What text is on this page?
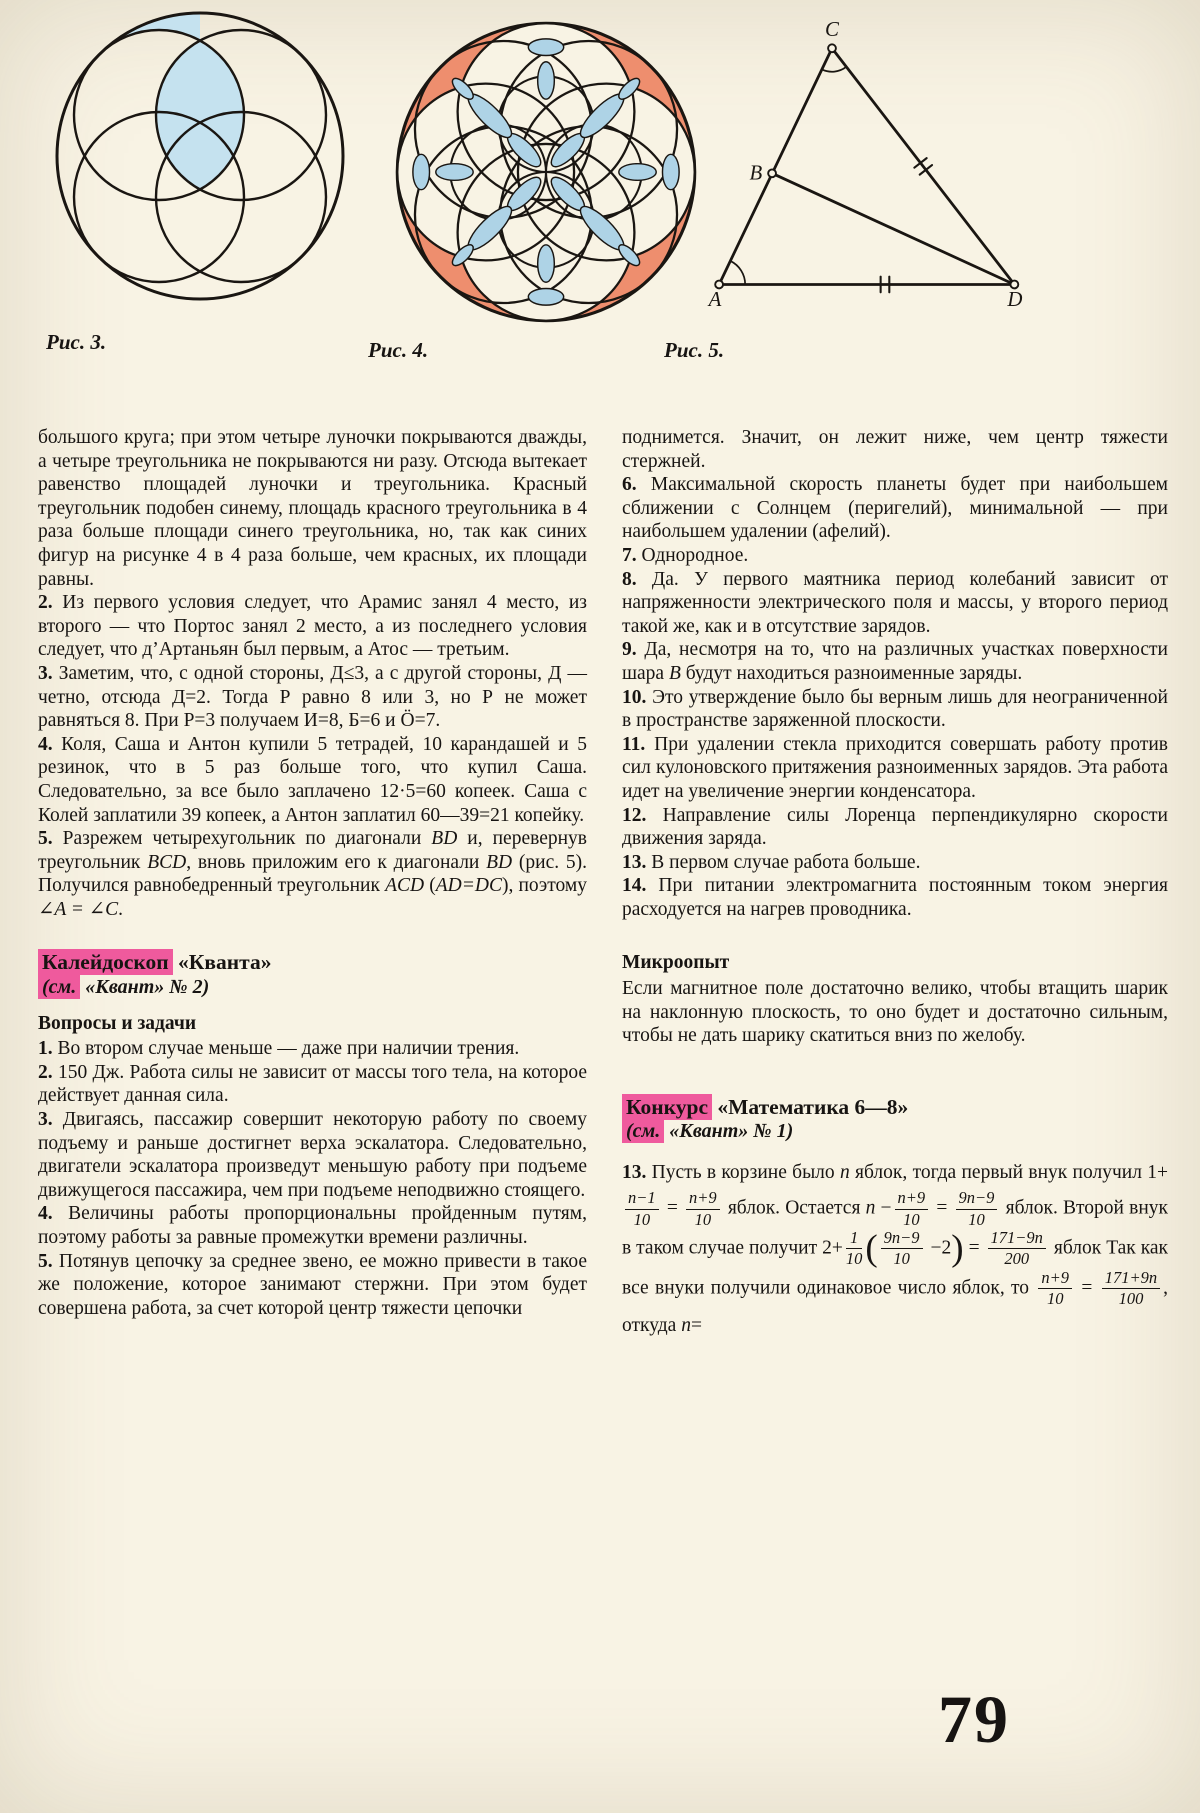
C
B
A	D
Рис. 3.	Рис. 4.	Рис. 5.

большого круга; при этом четыре луночки покрываются дважды, а четыре треугольника не покрываются ни разу. Отсюда вытекает равенство площадей луночки и треугольника. Красный треугольник подобен синему, площадь красного треугольника в 4 раза больше площади синего треугольника, но, так как синих фигур на рисунке 4 в 4 раза больше, чем красных, их площади равны.

2. Из первого условия следует, что Арамис занял 4 место, из второго — что Портос занял 2 место, а из последнего условия следует, что д’Артаньян был первым, а Атос — третьим.

3. Заметим, что, с одной стороны, Д≤3, а с другой стороны, Д — четно, отсюда Д=2. Тогда Р равно 8 или 3, но Р не может равняться 8. При Р=3 получаем И=8, Б=6 и Ö=7.

4. Коля, Саша и Антон купили 5 тетрадей, 10 карандашей и 5 резинок, что в 5 раз больше того, что купил Саша. Следовательно, за все было заплачено 12·5=60 копеек. Саша с Колей заплатили 39 копеек, а Антон заплатил 60—39=21 копейку.

5. Разрежем четырехугольник по диагонали BD и, перевернув треугольник BCD, вновь приложим его к диагонали BD (рис. 5). Получился равнобедренный треугольник ACD (AD=DC), поэтому ∠A = ∠C.

Калейдоскоп «Кванта»
(см. «Квант» № 2)
Вопросы и задачи

1. Во втором случае меньше — даже при наличии трения.

2. 150 Дж. Работа силы не зависит от массы того тела, на которое действует данная сила.

3. Двигаясь, пассажир совершит некоторую работу по своему подъему и раньше достигнет верха эскалатора. Следовательно, двигатели эскалатора произведут меньшую работу при подъеме движущегося пассажира, чем при подъеме неподвижно стоящего.

4. Величины работы пропорциональны пройденным путям, поэтому работы за равные промежутки времени различны.

5. Потянув цепочку за среднее звено, ее можно привести в такое же положение, которое занимают стержни. При этом будет совершена работа, за счет которой центр тяжести цепочки

поднимется. Значит, он лежит ниже, чем центр тяжести стержней.

6. Максимальной скорость планеты будет при наибольшем сближении с Солнцем (перигелий), минимальной — при наибольшем удалении (афелий).

7. Однородное.

8. Да. У первого маятника период колебаний зависит от напряженности электрического поля и массы, у второго период такой же, как и в отсутствие зарядов.

9. Да, несмотря на то, что на различных участках поверхности шара B будут находиться разноименные заряды.

10. Это утверждение было бы верным лишь для неограниченной в пространстве заряженной плоскости.

11. При удалении стекла приходится совершать работу против сил кулоновского притяжения разноименных зарядов. Эта работа идет на увеличение энергии конденсатора.

12. Направление силы Лоренца перпендикулярно скорости движения заряда.

13. В первом случае работа больше.

14. При питании электромагнита постоянным током энергия расходуется на нагрев проводника.

Микроопыт

Если магнитное поле достаточно велико, чтобы втащить шарик на наклонную плоскость, то оно будет и достаточно сильным, чтобы не дать шарику скатиться вниз по желобу.

Конкурс «Математика 6—8»
(см. «Квант» № 1)

13. Пусть в корзине было n яблок, тогда первый внук получил 1+
$\frac{n-1}{10} = \frac{n+9}{10}$ яблок. Остается $n - \frac{n+9}{10} = \frac{9n-9}{10}$ яблок. Второй внук в таком случае получит $2+ \frac{1}{10}$ ( $\frac{9n-9}{10} -2) = \frac{171-9n}{200}$ яблок Так как все внуки получили одинаковое число яблок, то $\frac{n+9}{10} = \frac{171+9n}{100}$ , откуда n=

79
